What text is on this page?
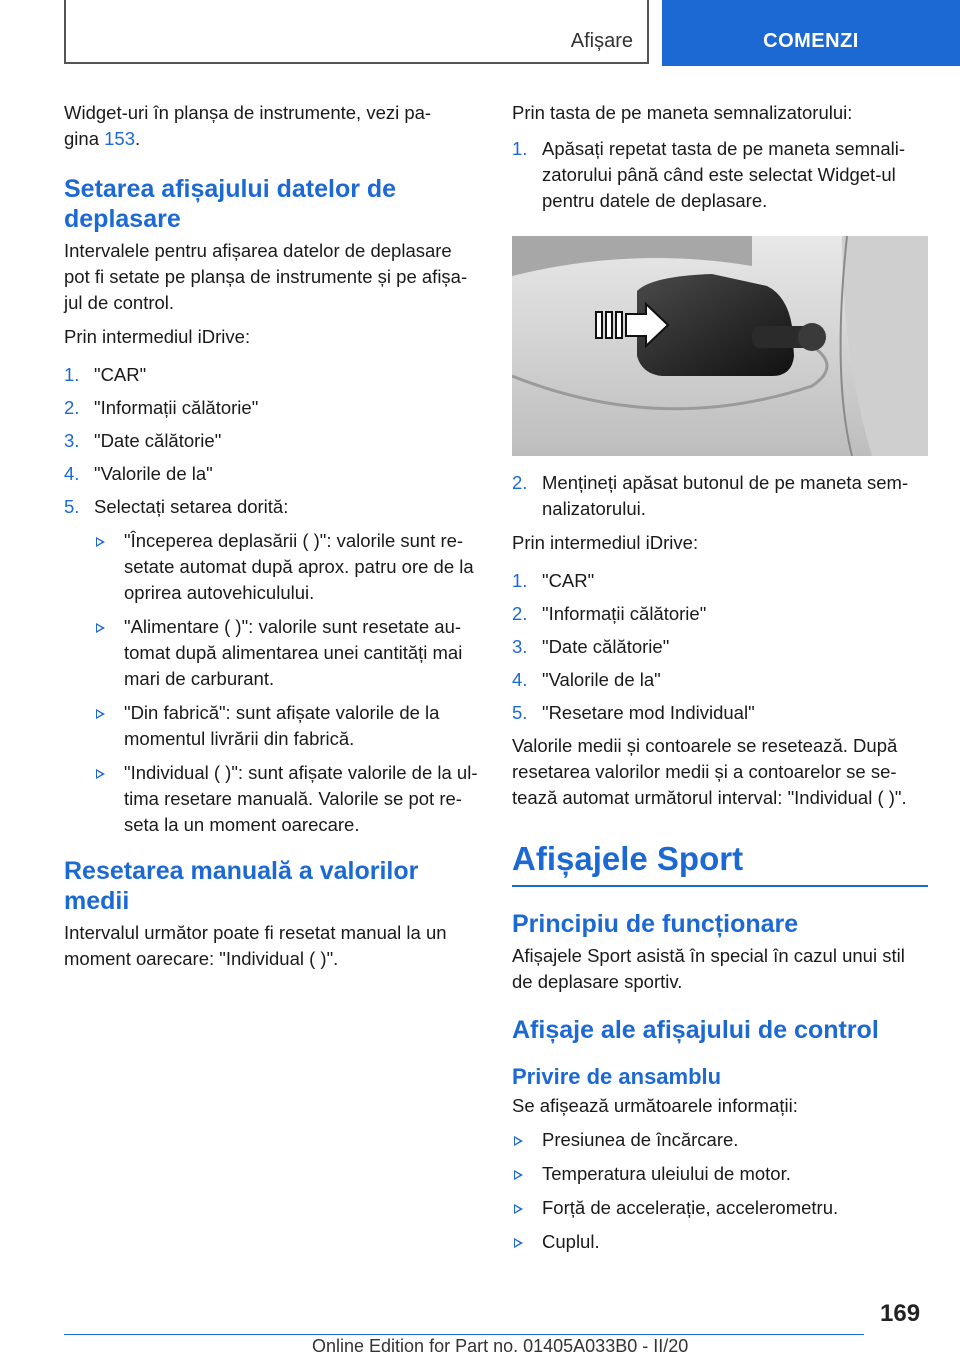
Afișare	COMENZI

Widget-uri în planșa de instrumente, vezi pa-
gina 153.

Setarea afișajului datelor de deplasare

Intervalele pentru afișarea datelor de deplasare pot fi setate pe planșa de instrumente și pe afișa-jul de control.

Prin intermediul iDrive:

1. "CAR"
2. "Informații călătorie"
3. "Date călătorie"
4. "Valorile de la"
5. Selectați setarea dorită:
"Începerea deplasării ( )": valorile sunt re-setate automat după aprox. patru ore de la oprirea autovehiculului.
"Alimentare ( )": valorile sunt resetate au-tomat după alimentarea unei cantități mai mari de carburant.
"Din fabrică": sunt afișate valorile de la momentul livrării din fabrică.
"Individual ( )": sunt afișate valorile de la ul-tima resetare manuală. Valorile se pot re-seta la un moment oarecare.
Resetarea manuală a valorilor medii

Intervalul următor poate fi resetat manual la un moment oarecare: "Individual ( )".

Prin tasta de pe maneta semnalizatorului:

1. Apăsați repetat tasta de pe maneta semnali-zatorului până când este selectat Widget-ul pentru datele de deplasare.
2. Mențineți apăsat butonul de pe maneta sem-nalizatorului.

Prin intermediul iDrive:

1. "CAR"
2. "Informații călătorie"
3. "Date călătorie"
4. "Valorile de la"
5. "Resetare mod Individual"

Valorile medii și contoarele se resetează. După resetarea valorilor medii și a contoarelor se se-tează automat următorul interval: "Individual ( )".

Afișajele Sport
Principiu de funcționare

Afișajele Sport asistă în special în cazul unui stil de deplasare sportiv.

Afișaje ale afișajului de control
Privire de ansamblu

Se afișează următoarele informații:

Presiunea de încărcare.
Temperatura uleiului de motor.
Forță de accelerație, accelerometru.
Cuplul.
169
Online Edition for Part no. 01405A033B0 - II/20
